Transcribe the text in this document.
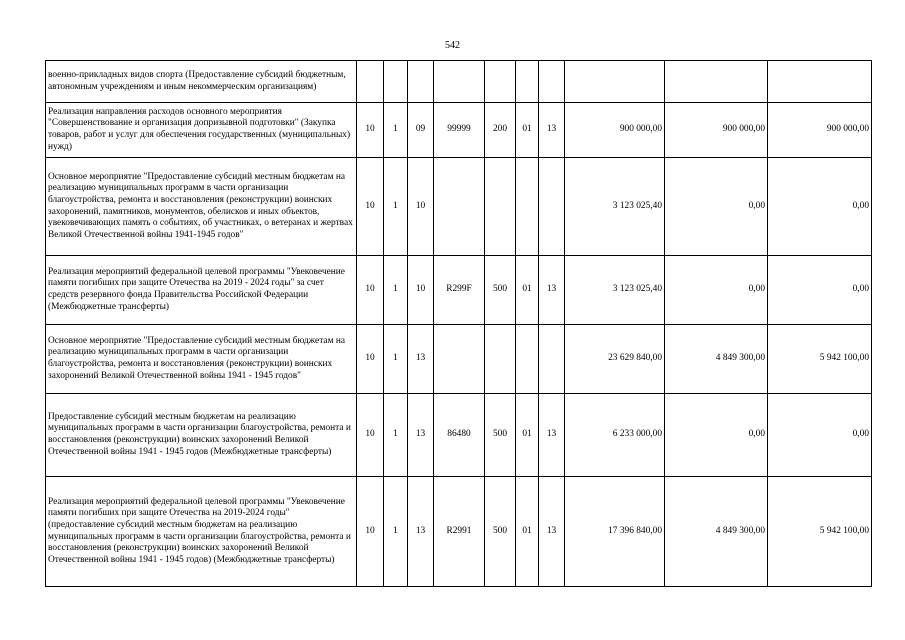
542
военно-прикладных видов спорта (Предоставление субсидий бюджетным, автономным учреждениям и иным некоммерческим организациям)										
Реализация направления расходов основного мероприятия "Совершенствование и организация допризывной подготовки" (Закупка товаров, работ и услуг для обеспечения государственных (муниципальных) нужд)	10	1	09	99999	200	01	13	900 000,00	900 000,00	900 000,00
Основное мероприятие "Предоставление субсидий местным бюджетам на реализацию муниципальных программ в части организации благоустройства, ремонта и восстановления (реконструкции) воинских захоронений, памятников, монументов, обелисков и иных объектов, увековечивающих память о событиях, об участниках, о ветеранах и жертвах Великой Отечественной войны 1941-1945 годов"	10	1	10					3 123 025,40	0,00	0,00
Реализация мероприятий федеральной целевой программы "Увековечение памяти погибших при защите Отечества на 2019 - 2024 годы" за счет средств резервного фонда Правительства Российской Федерации (Межбюджетные трансферты)	10	1	10	R299F	500	01	13	3 123 025,40	0,00	0,00
Основное мероприятие "Предоставление субсидий местным бюджетам на реализацию муниципальных программ в части организации благоустройства, ремонта и восстановления (реконструкции) воинских захоронений Великой Отечественной войны 1941 - 1945 годов"	10	1	13					23 629 840,00	4 849 300,00	5 942 100,00
Предоставление субсидий местным бюджетам на реализацию муниципальных программ в части организации благоустройства, ремонта и восстановления (реконструкции) воинских захоронений Великой Отечественной войны 1941 - 1945 годов (Межбюджетные трансферты)	10	1	13	86480	500	01	13	6 233 000,00	0,00	0,00
Реализация мероприятий федеральной целевой программы "Увековечение памяти погибших при защите Отечества на 2019-2024 годы" (предоставление субсидий местным бюджетам на реализацию муниципальных программ в части организации благоустройства, ремонта и восстановления (реконструкции) воинских захоронений Великой Отечественной войны 1941 - 1945 годов) (Межбюджетные трансферты)	10	1	13	R2991	500	01	13	17 396 840,00	4 849 300,00	5 942 100,00
